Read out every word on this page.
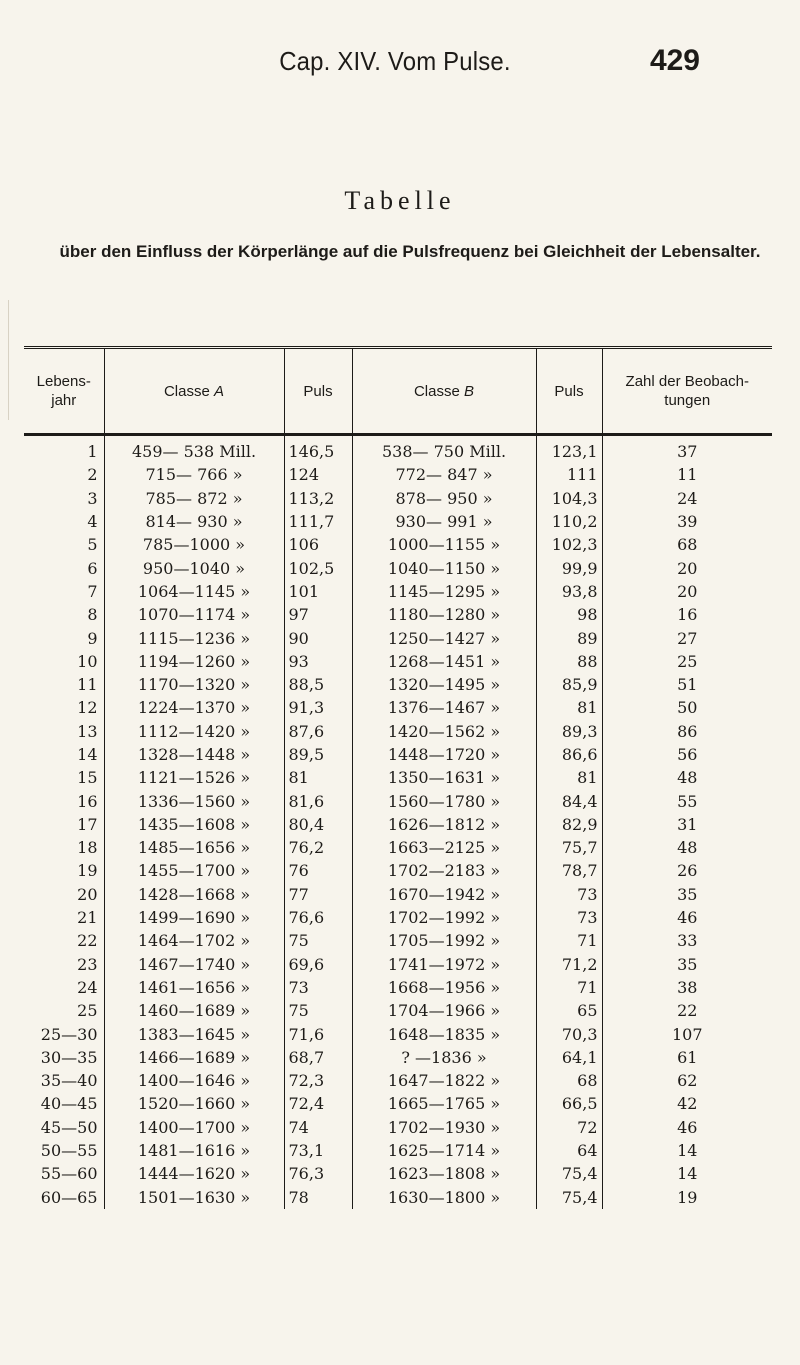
Cap. XIV. Vom Pulse.	429
Tabelle
über den Einfluss der Körperlänge auf die Pulsfrequenz bei Gleichheit der Lebensalter.
Lebens-jahr	Classe A	Puls	Classe B	Puls	Zahl der Beobach-tungen
1	459— 538 Mill.	146,5	538— 750 Mill.	123,1	37
2	715— 766 »	124	772— 847 »	111	11
3	785— 872 »	113,2	878— 950 »	104,3	24
4	814— 930 »	111,7	930— 991 »	110,2	39
5	785—1000 »	106	1000—1155 »	102,3	68
6	950—1040 »	102,5	1040—1150 »	99,9	20
7	1064—1145 »	101	1145—1295 »	93,8	20
8	1070—1174 »	97	1180—1280 »	98	16
9	1115—1236 »	90	1250—1427 »	89	27
10	1194—1260 »	93	1268—1451 »	88	25
11	1170—1320 »	88,5	1320—1495 »	85,9	51
12	1224—1370 »	91,3	1376—1467 »	81	50
13	1112—1420 »	87,6	1420—1562 »	89,3	86
14	1328—1448 »	89,5	1448—1720 »	86,6	56
15	1121—1526 »	81	1350—1631 »	81	48
16	1336—1560 »	81,6	1560—1780 »	84,4	55
17	1435—1608 »	80,4	1626—1812 »	82,9	31
18	1485—1656 »	76,2	1663—2125 »	75,7	48
19	1455—1700 »	76	1702—2183 »	78,7	26
20	1428—1668 »	77	1670—1942 »	73	35
21	1499—1690 »	76,6	1702—1992 »	73	46
22	1464—1702 »	75	1705—1992 »	71	33
23	1467—1740 »	69,6	1741—1972 »	71,2	35
24	1461—1656 »	73	1668—1956 »	71	38
25	1460—1689 »	75	1704—1966 »	65	22
25—30	1383—1645 »	71,6	1648—1835 »	70,3	107
30—35	1466—1689 »	68,7	? —1836 »	64,1	61
35—40	1400—1646 »	72,3	1647—1822 »	68	62
40—45	1520—1660 »	72,4	1665—1765 »	66,5	42
45—50	1400—1700 »	74	1702—1930 »	72	46
50—55	1481—1616 »	73,1	1625—1714 »	64	14
55—60	1444—1620 »	76,3	1623—1808 »	75,4	14
60—65	1501—1630 »	78	1630—1800 »	75,4	19
